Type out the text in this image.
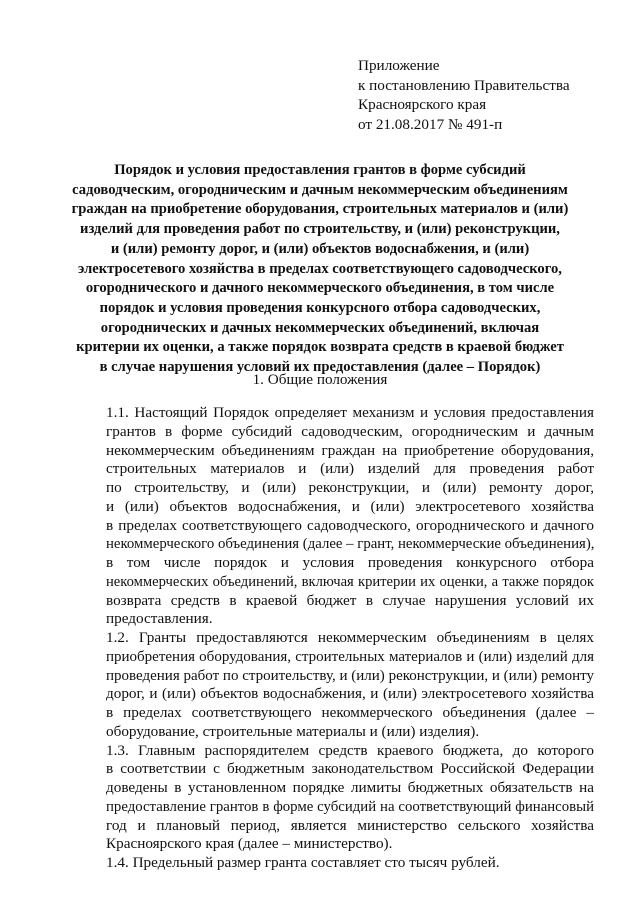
Приложение
к постановлению Правительства
Красноярского края
от 21.08.2017 № 491-п
Порядок и условия предоставления грантов в форме субсидий
садоводческим, огородническим и дачным некоммерческим объединениям
граждан на приобретение оборудования, строительных материалов и (или)
изделий для проведения работ по строительству, и (или) реконструкции,
и (или) ремонту дорог, и (или) объектов водоснабжения, и (или)
электросетевого хозяйства в пределах соответствующего садоводческого,
огороднического и дачного некоммерческого объединения, в том числе
порядок и условия проведения конкурсного отбора садоводческих,
огороднических и дачных некоммерческих объединений, включая
критерии их оценки, а также порядок возврата средств в краевой бюджет
в случае нарушения условий их предоставления (далее – Порядок)
1. Общие положения
1.1. Настоящий Порядок определяет механизм и условия предоставления
грантов в форме субсидий садоводческим, огородническим и дачным
некоммерческим объединениям граждан на приобретение оборудования,
строительных материалов и (или) изделий для проведения работ
по строительству, и (или) реконструкции, и (или) ремонту дорог,
и (или) объектов водоснабжения, и (или) электросетевого хозяйства
в пределах соответствующего садоводческого, огороднического и дачного
некоммерческого объединения (далее – грант, некоммерческие объединения),
в том числе порядок и условия проведения конкурсного отбора
некоммерческих объединений, включая критерии их оценки, а также порядок
возврата средств в краевой бюджет в случае нарушения условий их
предоставления.
1.2. Гранты предоставляются некоммерческим объединениям в целях
приобретения оборудования, строительных материалов и (или) изделий для
проведения работ по строительству, и (или) реконструкции, и (или) ремонту
дорог, и (или) объектов водоснабжения, и (или) электросетевого хозяйства
в пределах соответствующего некоммерческого объединения (далее –
оборудование, строительные материалы и (или) изделия).
1.3. Главным распорядителем средств краевого бюджета, до которого
в соответствии с бюджетным законодательством Российской Федерации
доведены в установленном порядке лимиты бюджетных обязательств на
предоставление грантов в форме субсидий на соответствующий финансовый
год и плановый период, является министерство сельского хозяйства
Красноярского края (далее – министерство).
1.4. Предельный размер гранта составляет сто тысяч рублей.
